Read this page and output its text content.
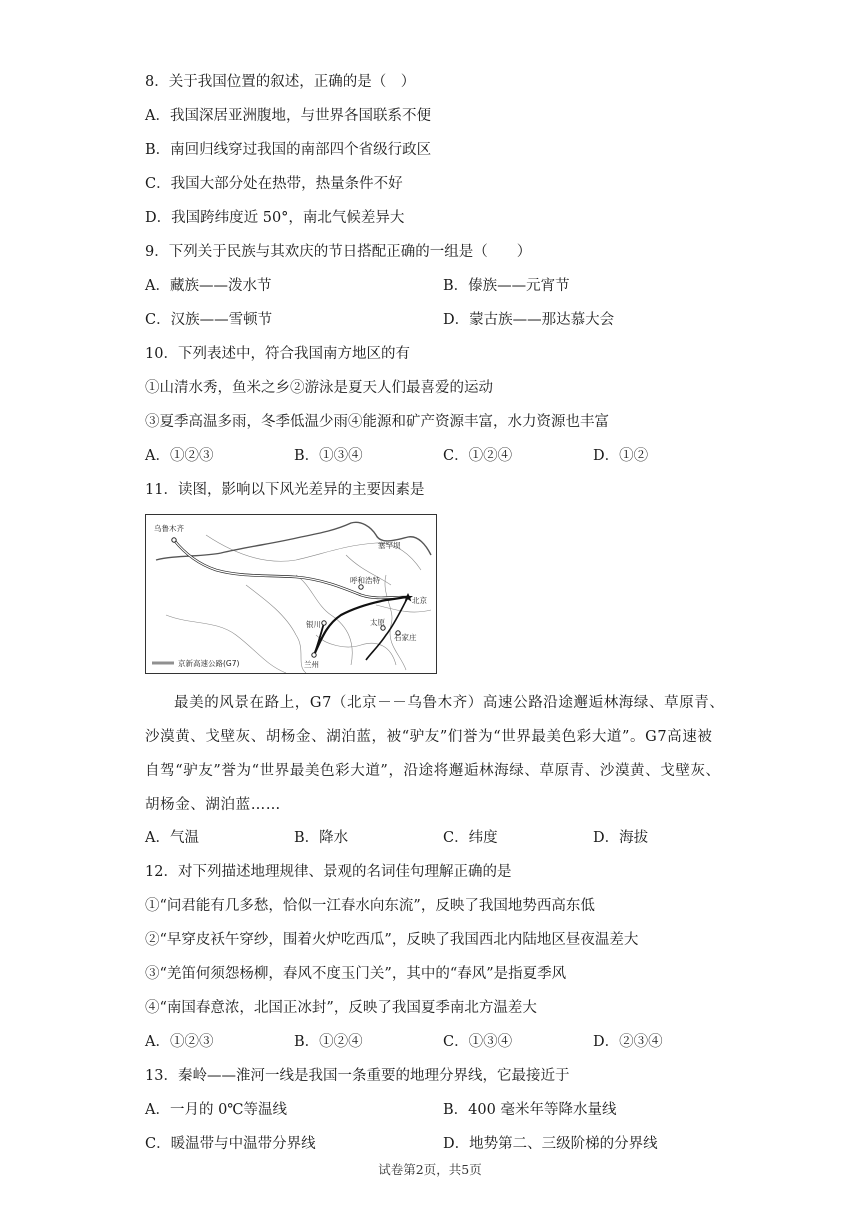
8．关于我国位置的叙述，正确的是（　）
A．我国深居亚洲腹地，与世界各国联系不便
B．南回归线穿过我国的南部四个省级行政区
C．我国大部分处在热带，热量条件不好
D．我国跨纬度近 50°，南北气候差异大
9．下列关于民族与其欢庆的节日搭配正确的一组是（　　）
A．藏族——泼水节	B．傣族——元宵节
C．汉族——雪顿节	D．蒙古族——那达慕大会
10．下列表述中，符合我国南方地区的有
①山清水秀，鱼米之乡②游泳是夏天人们最喜爱的运动
③夏季高温多雨，冬季低温少雨④能源和矿产资源丰富，水力资源也丰富
A．①②③	B．①③④	C．①②④	D．①②
11．读图，影响以下风光差异的主要因素是
乌鲁木齐
塞罕坝
呼和浩特
北京
银川	太原
石家庄
兰州
京新高速公路(G7)
最美的风景在路上，G7（北京－－乌鲁木齐）高速公路沿途邂逅林海绿、草原青、沙漠黄、戈壁灰、胡杨金、湖泊蓝，被“驴友”们誉为“世界最美色彩大道”。G7高速被自驾“驴友”誉为“世界最美色彩大道”，沿途将邂逅林海绿、草原青、沙漠黄、戈壁灰、胡杨金、湖泊蓝……
A．气温	B．降水	C．纬度	D．海拔
12．对下列描述地理规律、景观的名词佳句理解正确的是
①“问君能有几多愁，恰似一江春水向东流”，反映了我国地势西高东低
②“早穿皮袄午穿纱，围着火炉吃西瓜”，反映了我国西北内陆地区昼夜温差大
③“羌笛何须怨杨柳，春风不度玉门关”，其中的“春风”是指夏季风
④“南国春意浓，北国正冰封”，反映了我国夏季南北方温差大
A．①②③	B．①②④	C．①③④	D．②③④
13．秦岭——淮河一线是我国一条重要的地理分界线，它最接近于
A．一月的 0℃等温线	B．400 毫米年等降水量线
C．暖温带与中温带分界线	D．地势第二、三级阶梯的分界线
试卷第2页，共5页
